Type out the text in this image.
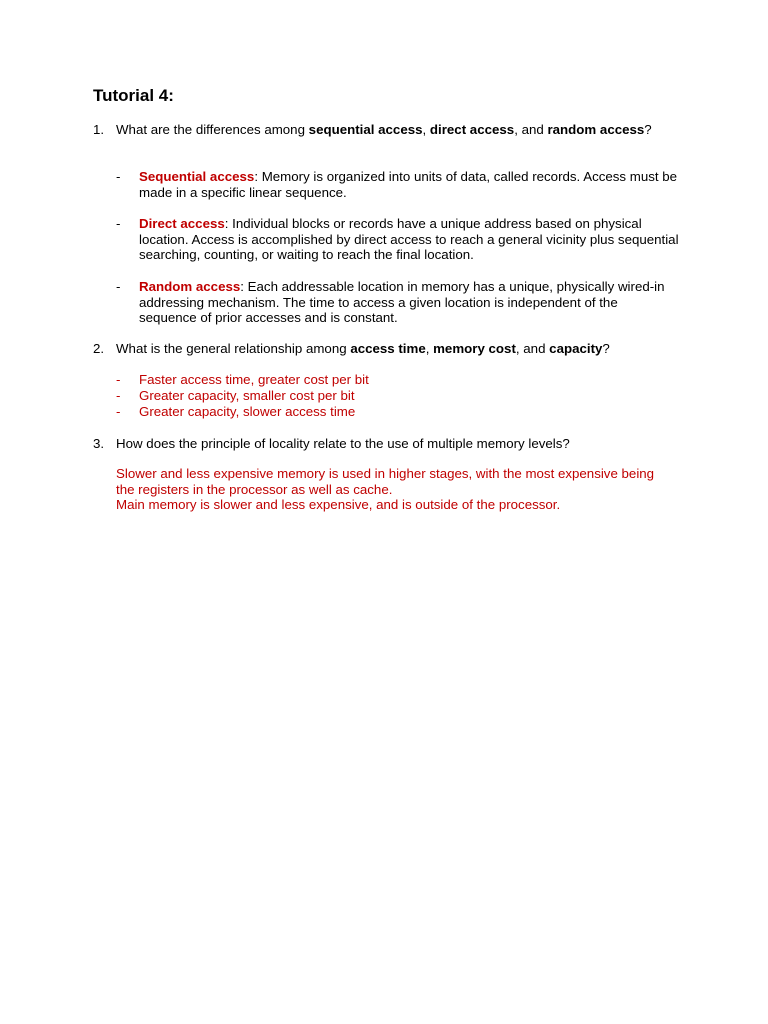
Tutorial 4:
1. What are the differences among sequential access, direct access, and random access?
- Sequential access: Memory is organized into units of data, called records. Access must be made in a specific linear sequence.
- Direct access: Individual blocks or records have a unique address based on physical location. Access is accomplished by direct access to reach a general vicinity plus sequential searching, counting, or waiting to reach the final location.
- Random access: Each addressable location in memory has a unique, physically wired-in addressing mechanism. The time to access a given location is independent of the sequence of prior accesses and is constant.
2. What is the general relationship among access time, memory cost, and capacity?
- Faster access time, greater cost per bit
- Greater capacity, smaller cost per bit
- Greater capacity, slower access time
3. How does the principle of locality relate to the use of multiple memory levels?
Slower and less expensive memory is used in higher stages, with the most expensive being the registers in the processor as well as cache.
Main memory is slower and less expensive, and is outside of the processor.
